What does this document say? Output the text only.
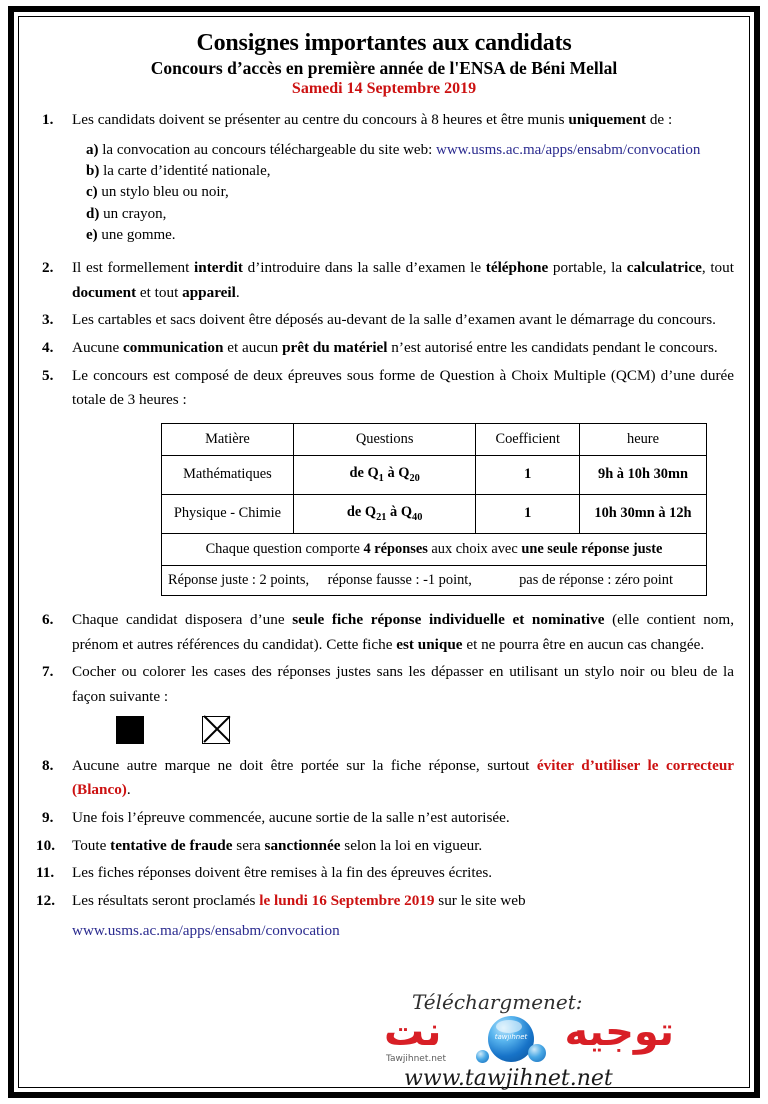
Consignes importantes aux candidats
Concours d’accès en première année de l'ENSA de Béni Mellal
Samedi 14 Septembre 2019
1.	Les candidats doivent se présenter au centre du concours à 8 heures et être munis uniquement de :
a) la convocation au concours téléchargeable du site web: www.usms.ac.ma/apps/ensabm/convocation
b) la carte d’identité nationale,
c) un stylo bleu ou noir,
d) un crayon,
e) une gomme.
2.	Il est formellement interdit d’introduire dans la salle d’examen le téléphone portable, la calculatrice, tout document et tout appareil.
3.	Les cartables et sacs doivent être déposés au-devant de la salle d’examen avant le démarrage du concours.
4.	Aucune communication et aucun prêt du matériel n’est autorisé entre les candidats pendant le concours.
5.	Le concours est composé de deux épreuves sous forme de Question à Choix Multiple (QCM) d’une durée totale de 3 heures :
Matière	Questions	Coefficient	heure
Mathématiques	de $Q_1$ à $Q_{20}$	1	9h à 10h 30mn
Physique - Chimie	de $Q_{21}$ à $Q_{40}$	1	10h 30mn à 12h
Chaque question comporte 4 réponses aux choix avec une seule réponse juste			

Réponse juste : 2 points, réponse fausse : -1 point, pas de réponse : zéro point			
6.	Chaque candidat disposera d’une seule fiche réponse individuelle et nominative (elle contient nom, prénom et autres références du candidat). Cette fiche est unique et ne pourra être en aucun cas changée.
7.	Cocher ou colorer les cases des réponses justes sans les dépasser en utilisant un stylo noir ou bleu de la façon suivante :
8.	Aucune autre marque ne doit être portée sur la fiche réponse, surtout éviter d’utiliser le correcteur (Blanco).
9.	Une fois l’épreuve commencée, aucune sortie de la salle n’est autorisée.
10.	Toute tentative de fraude sera sanctionnée selon la loi en vigueur.
11.	Les fiches réponses doivent être remises à la fin des épreuves écrites.
12.	Les résultats seront proclamés le lundi 16 Septembre 2019 sur le site web
www.usms.ac.ma/apps/ensabm/convocation
Téléchargmenet:
توجيه
نت	tawjihnet
Tawjihnet.net
www.tawjihnet.net
